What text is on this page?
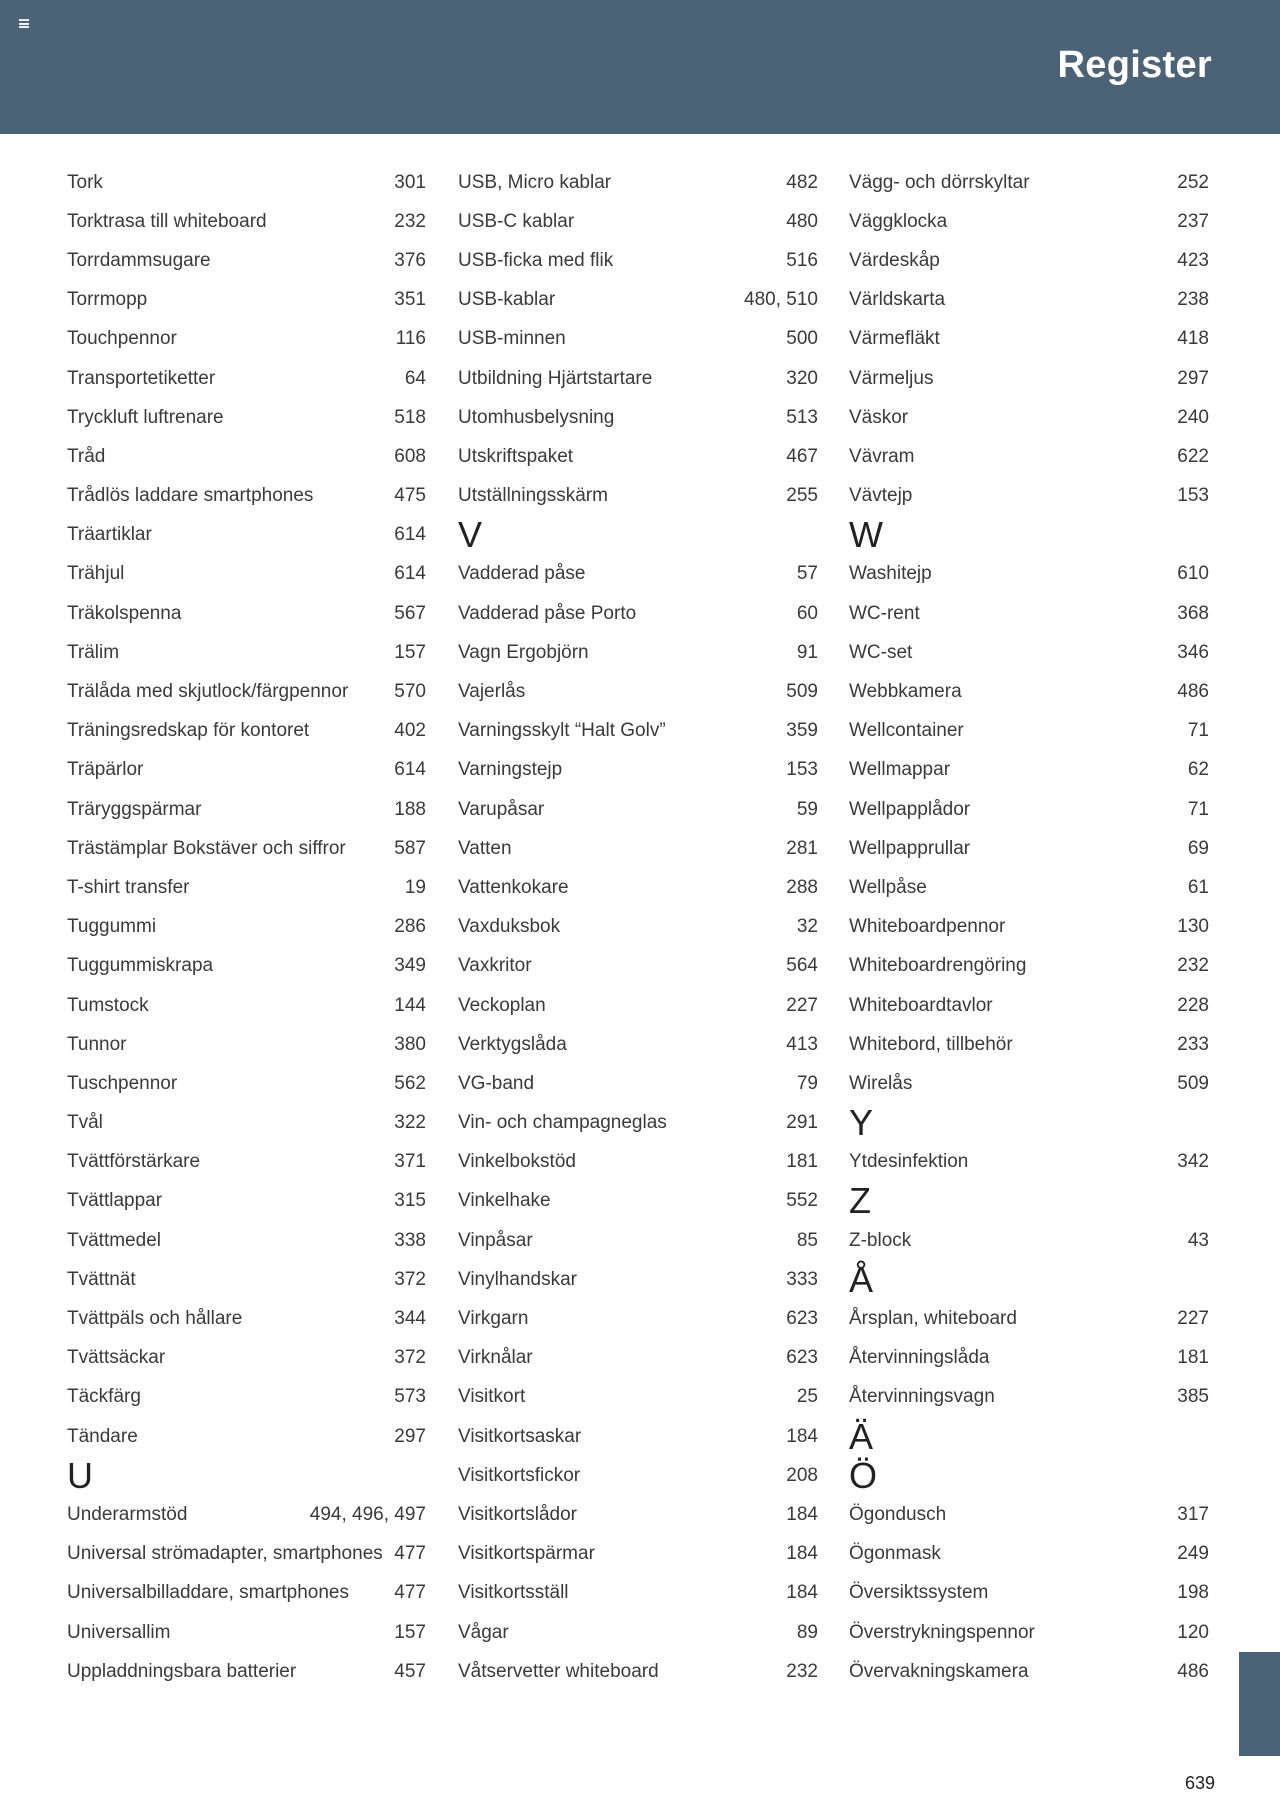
Register
Tork	301
Torktrasa till whiteboard	232
Torrdammsugare	376
Torrmopp	351
Touchpennor	116
Transportetiketter	64
Tryckluft luftrenare	518
Tråd	608
Trådlös laddare smartphones	475
Träartiklar	614
Trähjul	614
Träkolspenna	567
Trälim	157
Trälåda med skjutlock/färgpennor 570
Träningsredskap för kontoret	402
Träpärlor	614
Träryggspärmar	188
Trästämplar Bokstäver och siffror	587
T-shirt transfer	19
Tuggummi	286
Tuggummiskrapa	349
Tumstock	144
Tunnor	380
Tuschpennor	562
Tvål	322
Tvättförstärkare	371
Tvättlappar	315
Tvättmedel	338
Tvättnät	372
Tvättpäls och hållare	344
Tvättsäckar	372
Täckfärg	573
Tändare	297
U
Underarmstöd	494, 496, 497
Universal strömadapter, smartphones 477
Universalbilladdare, smartphones 477
Universallim	157
Uppladdningsbara batterier	457
USB, Micro kablar	482
USB-C kablar	480
USB-ficka med flik	516
USB-kablar	480, 510
USB-minnen	500
Utbildning Hjärtstartare	320
Utomhusbelysning	513
Utskriftspaket	467
Utställningsskärm	255
V
Vadderad påse	57
Vadderad påse Porto	60
Vagn Ergobjörn	91
Vajerlås	509
Varningsskylt “Halt Golv”	359
Varningstejp	153
Varupåsar	59
Vatten	281
Vattenkokare	288
Vaxduksbok	32
Vaxkritor	564
Veckoplan	227
Verktygslåda	413
VG-band	79
Vin- och champagneglas	291
Vinkelbokstöd	181
Vinkelhake	552
Vinpåsar	85
Vinylhandskar	333
Virkgarn	623
Virknålar	623
Visitkort	25
Visitkortsaskar	184
Visitkortsfickor	208
Visitkortslådor	184
Visitkortspärmar	184
Visitkortsställ	184
Vågar	89
Våtservetter whiteboard	232
Vägg- och dörrskyltar	252
Väggklocka	237
Värdeskåp	423
Världskarta	238
Värmefläkt	418
Värmeljus	297
Väskor	240
Vävram	622
Vävtejp	153
W
Washitejp	610
WC-rent	368
WC-set	346
Webbkamera	486
Wellcontainer	71
Wellmappar	62
Wellpapplådor	71
Wellpapprullar	69
Wellpåse	61
Whiteboardpennor	130
Whiteboardrengöring	232
Whiteboardtavlor	228
Whitebord, tillbehör	233
Wirelås	509
Y
Ytdesinfektion	342
Z
Z-block	43
Å
Årsplan, whiteboard	227
Återvinningslåda	181
Återvinningsvagn	385
Ä
Ö
Ögondusch	317
Ögonmask	249
Översiktssystem	198
Överstrykningspennor	120
Övervakningskamera	486
639
